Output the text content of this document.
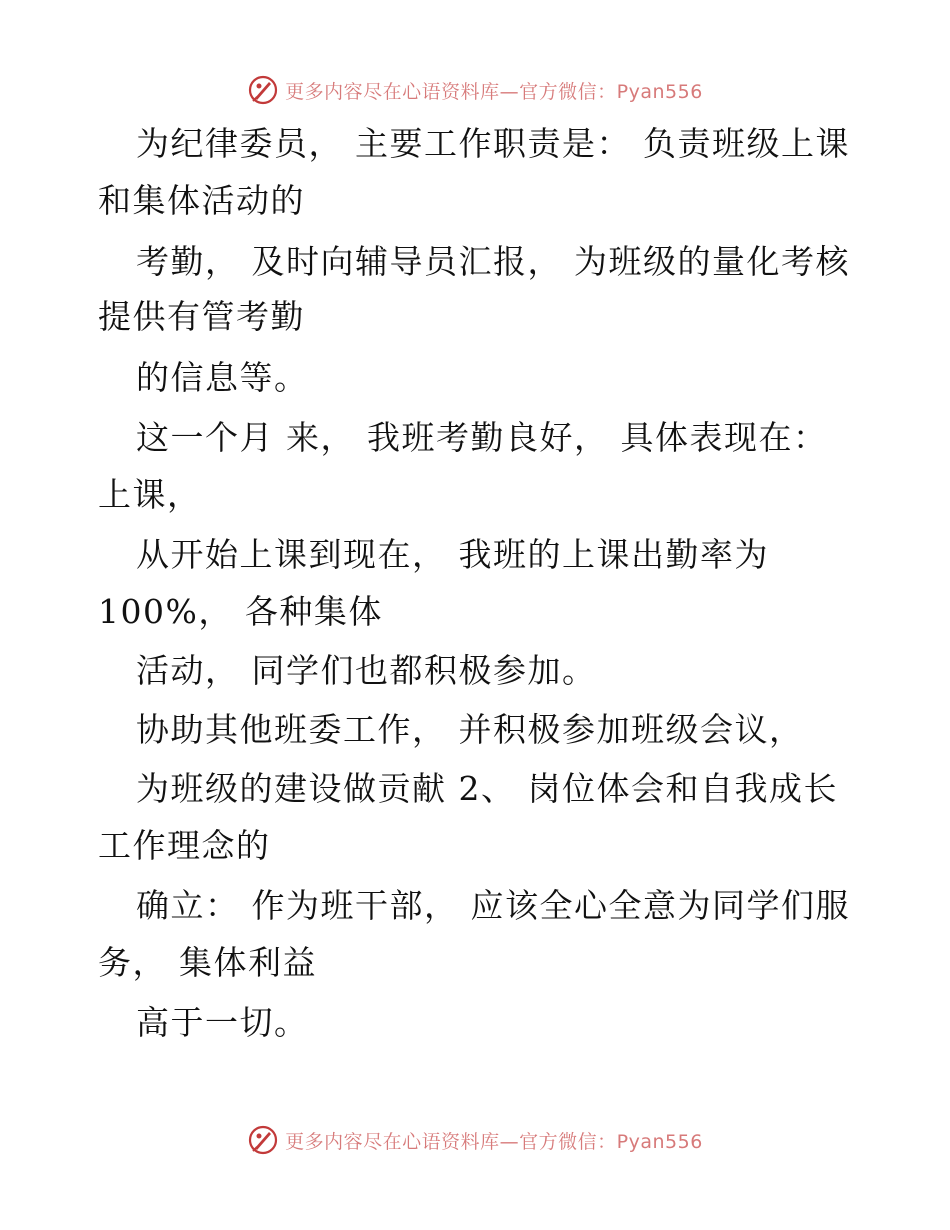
更多内容尽在心语资料库—官方微信：Pyan556
为纪律委员， 主要工作职责是： 负责班级上课
和集体活动的
考勤， 及时向辅导员汇报， 为班级的量化考核
提供有管考勤
的信息等。
这一个月 来， 我班考勤良好， 具体表现在：
上课，
从开始上课到现在， 我班的上课出勤率为
100%， 各种集体
活动， 同学们也都积极参加。
协助其他班委工作， 并积极参加班级会议，
为班级的建设做贡献 2、 岗位体会和自我成长
工作理念的
确立： 作为班干部， 应该全心全意为同学们服
务， 集体利益
高于一切。
更多内容尽在心语资料库—官方微信：Pyan556
